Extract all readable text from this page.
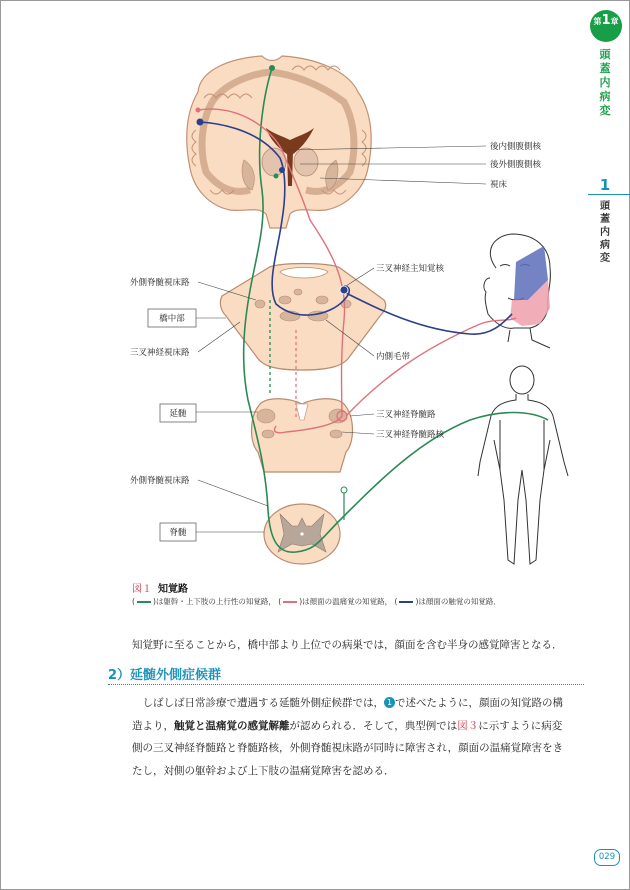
第1章
頭
蓋
内
病
変
1
頭
蓋
内
病
変
後内側腹側核
後外側腹側核
視床
外側脊髄視床路
橋中部
三叉神経視床路
三叉神経主知覚核
内側毛帯
延髄	三叉神経脊髄路
三叉神経脊髄路核
外側脊髄視床路
脊髄
図１ 知覚路
( )は躯幹・上下肢の上行性の知覚路， ( )は顔面の温痛覚の知覚路， ( )は顔面の触覚の知覚路．
知覚野に至ることから，橋中部より上位での病巣では，顔面を含む半身の感覚障害となる．
2）延髄外側症候群
　しばしば日常診療で遭遇する延髄外側症候群では， 1 で述べたように，顔面の知覚路の構
造より，触覚と温痛覚の感覚解離が認められる．そして，典型例では図３に示すように病変
側の三叉神経脊髄路と脊髄路核，外側脊髄視床路が同時に障害され，顔面の温痛覚障害をき
たし，対側の躯幹および上下肢の温痛覚障害を認める．
029
